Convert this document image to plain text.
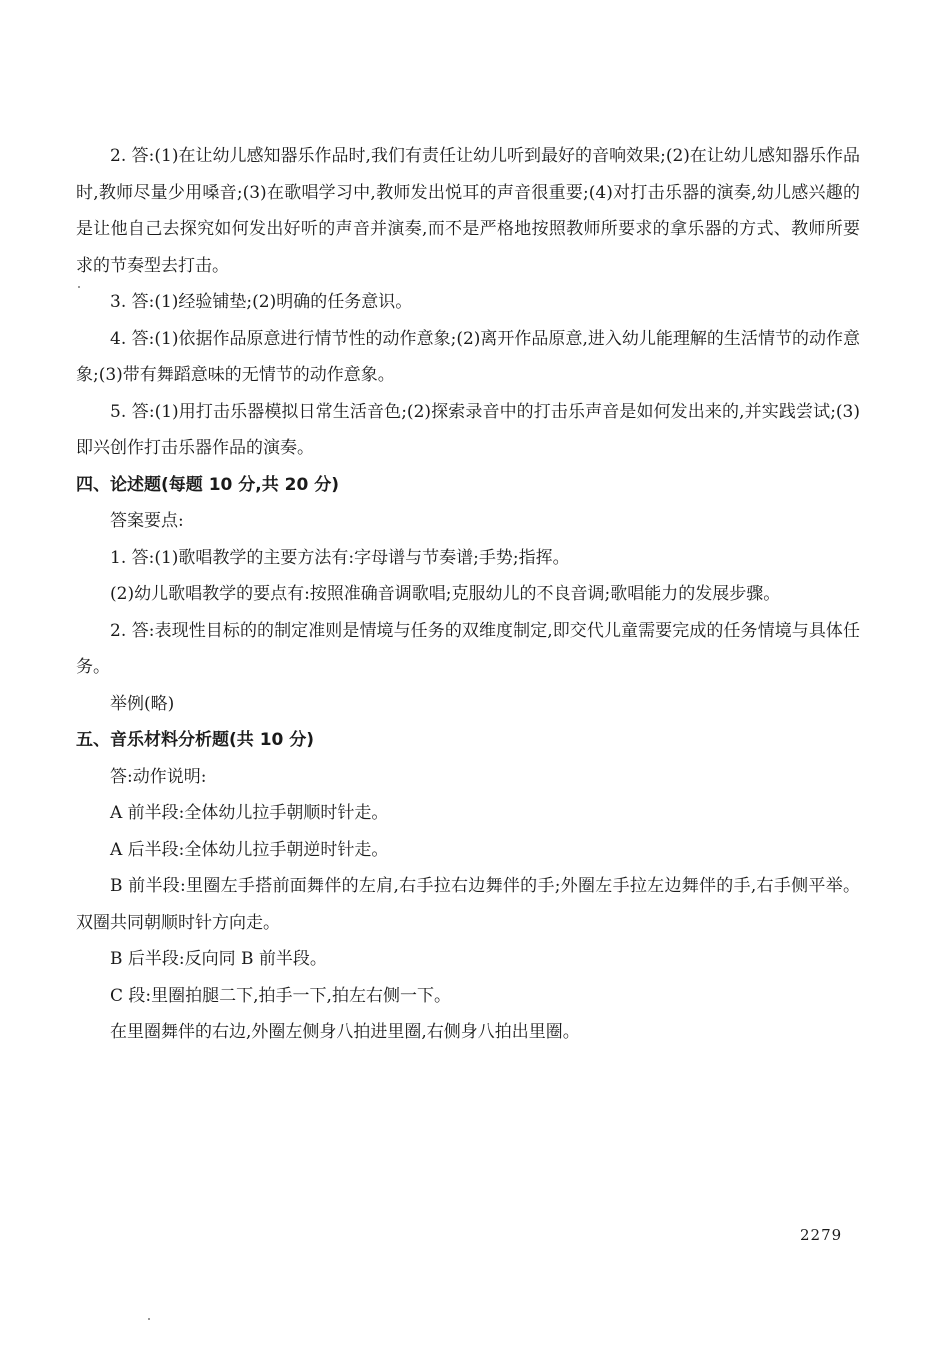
2. 答:(1)在让幼儿感知器乐作品时,我们有责任让幼儿听到最好的音响效果;(2)在让幼儿感知器乐作品时,教师尽量少用嗓音;(3)在歌唱学习中,教师发出悦耳的声音很重要;(4)对打击乐器的演奏,幼儿感兴趣的是让他自己去探究如何发出好听的声音并演奏,而不是严格地按照教师所要求的拿乐器的方式、教师所要求的节奏型去打击。

3. 答:(1)经验铺垫;(2)明确的任务意识。

4. 答:(1)依据作品原意进行情节性的动作意象;(2)离开作品原意,进入幼儿能理解的生活情节的动作意象;(3)带有舞蹈意味的无情节的动作意象。

5. 答:(1)用打击乐器模拟日常生活音色;(2)探索录音中的打击乐声音是如何发出来的,并实践尝试;(3)即兴创作打击乐器作品的演奏。

四、论述题(每题 10 分,共 20 分)

答案要点:

1. 答:(1)歌唱教学的主要方法有:字母谱与节奏谱;手势;指挥。

(2)幼儿歌唱教学的要点有:按照准确音调歌唱;克服幼儿的不良音调;歌唱能力的发展步骤。

2. 答:表现性目标的的制定准则是情境与任务的双维度制定,即交代儿童需要完成的任务情境与具体任务。

举例(略)

五、音乐材料分析题(共 10 分)

答:动作说明:

A 前半段:全体幼儿拉手朝顺时针走。

A 后半段:全体幼儿拉手朝逆时针走。

B 前半段:里圈左手搭前面舞伴的左肩,右手拉右边舞伴的手;外圈左手拉左边舞伴的手,右手侧平举。双圈共同朝顺时针方向走。

B 后半段:反向同 B 前半段。

C 段:里圈拍腿二下,拍手一下,拍左右侧一下。

在里圈舞伴的右边,外圈左侧身八拍进里圈,右侧身八拍出里圈。

2279
